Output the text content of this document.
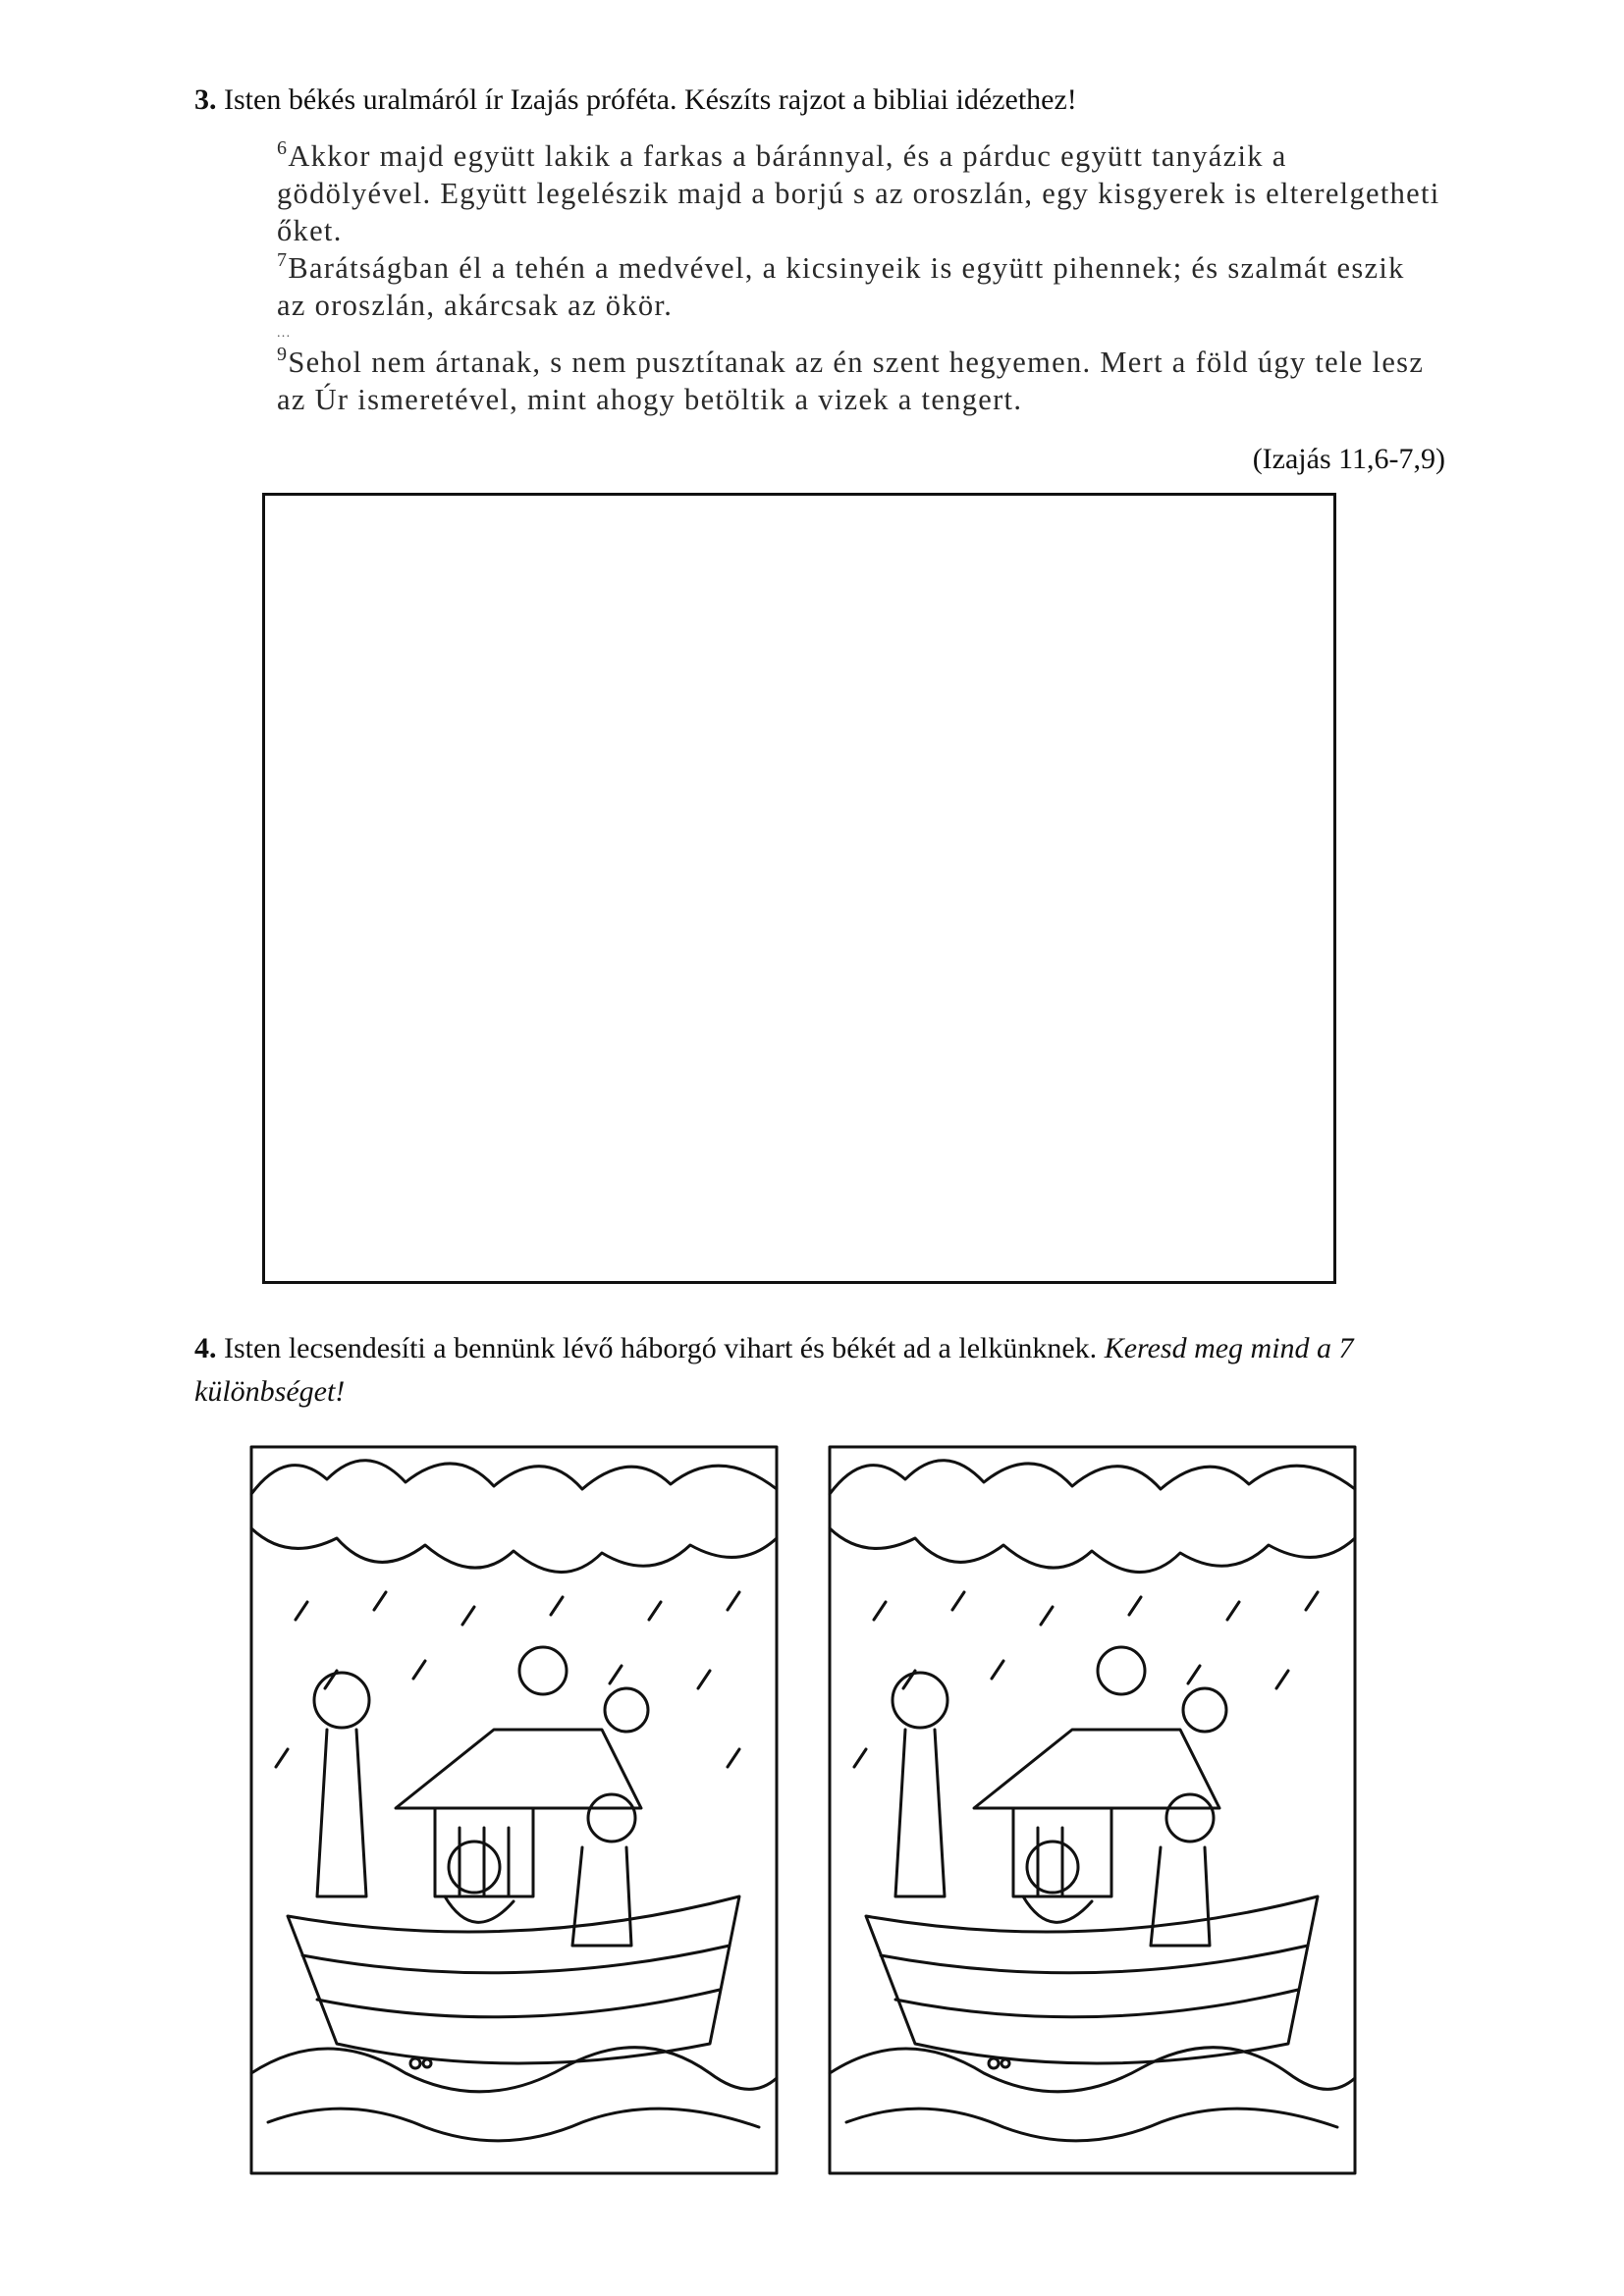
3. Isten békés uralmáról ír Izajás próféta. Készíts rajzot a bibliai idézethez!

$^6$Akkor majd együtt lakik a farkas a báránnyal, és a párduc együtt tanyázik a gödölyével. Együtt legelészik majd a borjú s az oroszlán, egy kisgyerek is elterelgetheti őket.

$^7$Barátságban él a tehén a medvével, a kicsinyeik is együtt pihennek; és szalmát eszik az oroszlán, akárcsak az ökör.

...

$^9$Sehol nem ártanak, s nem pusztítanak az én szent hegyemen. Mert a föld úgy tele lesz az Úr ismeretével, mint ahogy betöltik a vizek a tengert.

(Izajás 11,6-7,9)
4. Isten lecsendesíti a bennünk lévő háborgó vihart és békét ad a lelkünknek. Keresd meg mind a 7 különbséget!
